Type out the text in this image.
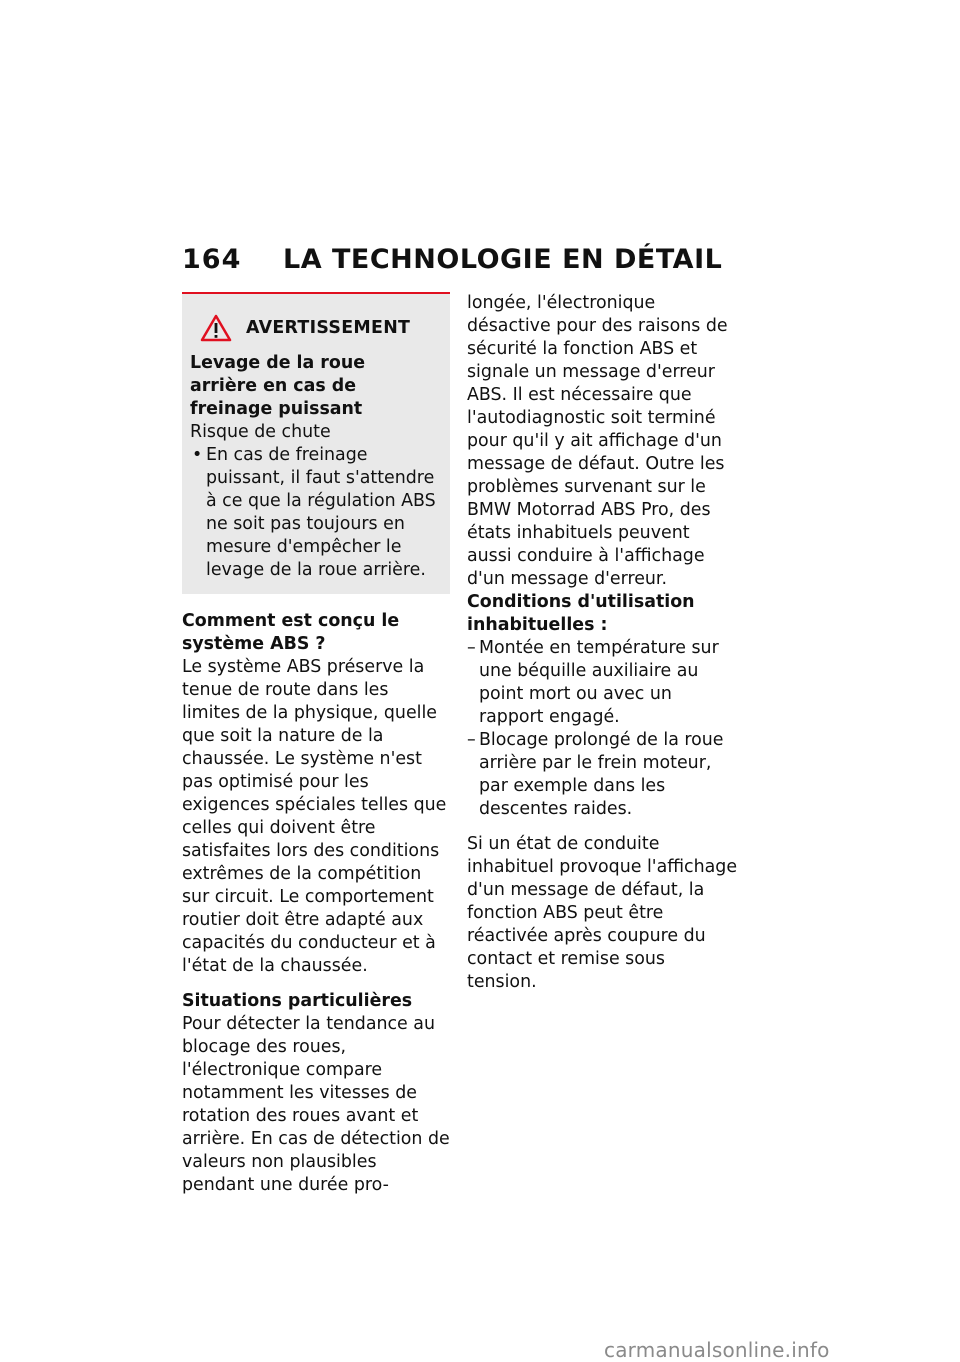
164 LA TECHNOLOGIE EN DÉTAIL
AVERTISSEMENT

Levage de la roue arrière en cas de freinage puissant

Risque de chute

• En cas de freinage puissant, il faut s'attendre à ce que la régulation ABS ne soit pas toujours en mesure d'empêcher le levage de la roue arrière.

Comment est conçu le système ABS ?

Le système ABS préserve la tenue de route dans les limites de la physique, quelle que soit la nature de la chaussée. Le système n'est pas optimisé pour les exigences spéciales telles que celles qui doivent être satisfaites lors des conditions extrêmes de la compétition sur circuit. Le comportement routier doit être adapté aux capacités du conducteur et à l'état de la chaussée.

Situations particulières

Pour détecter la tendance au blocage des roues, l'électronique compare notamment les vitesses de rotation des roues avant et arrière. En cas de détection de valeurs non plausibles pendant une durée pro-

longée, l'électronique désactive pour des raisons de sécurité la fonction ABS et signale un message d'erreur ABS. Il est nécessaire que l'autodiagnostic soit terminé pour qu'il y ait affichage d'un message de défaut. Outre les problèmes survenant sur le BMW Motorrad ABS Pro, des états inhabituels peuvent aussi conduire à l'affichage d'un message d'erreur.

Conditions d'utilisation inhabituelles :

– Montée en température sur une béquille auxiliaire au point mort ou avec un rapport engagé.

– Blocage prolongé de la roue arrière par le frein moteur, par exemple dans les descentes raides.

Si un état de conduite inhabituel provoque l'affichage d'un message de défaut, la fonction ABS peut être réactivée après coupure du contact et remise sous tension.

carmanualsonline.info
